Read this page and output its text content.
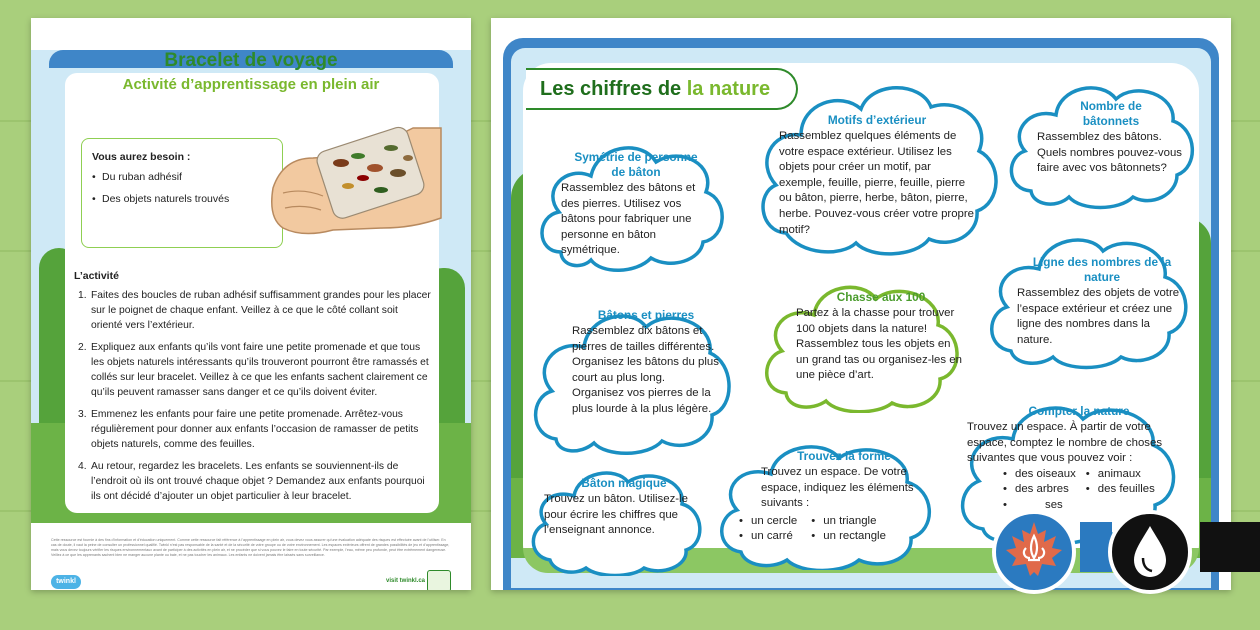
Bracelet de voyage
Activité d’apprentissage en plein air
Vous aurez besoin :
• Du ruban adhésif
• Des objets naturels trouvés
L’activité
1. Faites des boucles de ruban adhésif suffisamment grandes pour les placer sur le poignet de chaque enfant. Veillez à ce que le côté collant soit orienté vers l’extérieur.
2. Expliquez aux enfants qu’ils vont faire une petite promenade et que tous les objets naturels intéressants qu’ils trouveront pourront être ramassés et collés sur leur bracelet. Veillez à ce que les enfants sachent clairement ce qu’ils peuvent ramasser sans danger et ce qu’ils doivent éviter.
3. Emmenez les enfants pour faire une petite promenade. Arrêtez-vous régulièrement pour donner aux enfants l’occasion de ramasser de petits objets naturels, comme des feuilles.
4. Au retour, regardez les bracelets. Les enfants se souviennent-ils de l’endroit où ils ont trouvé chaque objet ? Demandez aux enfants pourquoi ils ont décidé d’ajouter un objet particulier à leur bracelet.
Cette ressource est fournie à des fins d’information et d’éducation uniquement. Comme cette ressource fait référence à l’apprentissage en plein air, vous devez vous assurer qu’une évaluation adéquate des risques est effectuée avant de l’utiliser. En cas de doute, il vaut la peine de consulter un professionnel qualifié. Twinkl n’est pas responsable de la santé et de la sécurité de votre groupe ou de votre environnement. Les espaces extérieurs offrent de grandes possibilités de jeu et d’apprentissage, mais vous devez toujours vérifier les risques environnementaux avant de participer à des activités en plein air, et ne procéder que si vous pouvez le faire en toute sécurité. Par exemple, l’eau, même peu profonde, peut être extrêmement dangereuse. Veillez à ce que les apprenants sachent bien ne manger aucune plante ou baie, et ne pas toucher les animaux. Les enfants ne doivent jamais être laissés sans surveillance.
twinkl	visit twinkl.ca
Les chiffres de la nature
Symétrie de personne de bâton
Rassemblez des bâtons et des pierres. Utilisez vos bâtons pour fabriquer une personne en bâton symétrique.
Motifs d’extérieur
Rassemblez quelques éléments de votre espace extérieur. Utilisez les objets pour créer un motif, par exemple, feuille, pierre, feuille, pierre ou bâton, pierre, herbe, bâton, pierre, herbe. Pouvez-vous créer votre propre motif?
Nombre de bâtonnets
Rassemblez des bâtons. Quels nombres pouvez-vous faire avec vos bâtonnets?
Ligne des nombres de la nature
Rassemblez des objets de votre l’espace extérieur et créez une ligne des nombres dans la nature.
Chasse aux 100
Partez à la chasse pour trouver 100 objets dans la nature! Rassemblez tous les objets en un grand tas ou organisez-les en une pièce d’art.
Bâtons et pierres
Rassemblez dix bâtons et pierres de tailles différentes. Organisez les bâtons du plus court au plus long. Organisez vos pierres de la plus lourde à la plus légère.
Trouvez la forme
Trouvez un espace. De votre espace, indiquez les éléments suivants :
• un cercle
• un carré
• un triangle
• un rectangle
Bâton magique
Trouvez un bâton. Utilisez-le pour écrire les chiffres que l’enseignant annonce.
Compter la nature
Trouvez un espace. À partir de votre espace, comptez le nombre de choses suivantes que vous pouvez voir :
• des oiseaux
• des arbres
• ses
• animaux
• des feuilles
